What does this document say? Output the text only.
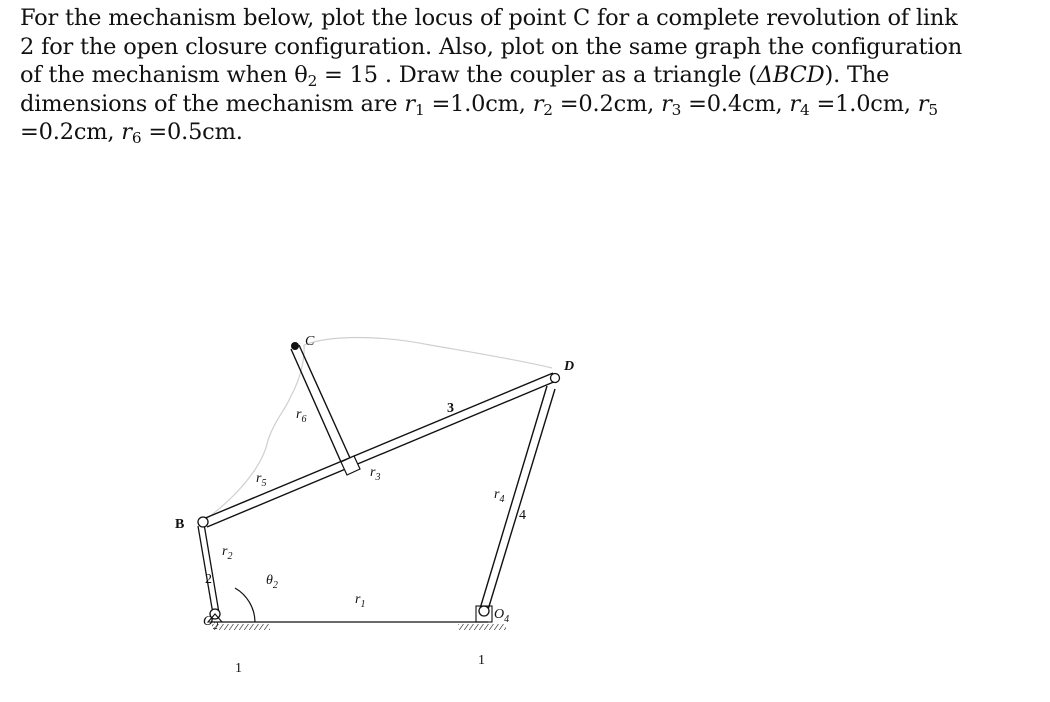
For the mechanism below, plot the locus of point C for a complete revolution of link
2 for the open closure configuration. Also, plot on the same graph the configuration
of the mechanism when $\theta_2 = 15$ . Draw the coupler as a triangle (ΔBCD). The
dimensions of the mechanism are $r_1 =1.0cm$, $r_2 =0.2cm$, $r_3 =0.4cm$, $r_4 =1.0cm$, $r_5$
=0.2cm, $r_6 =0.5cm$.
C
D
B
$r_6$
$r_5$
$r_3$
$r_4$
$r_2$
$r_1$
$\theta_2$
$O_2$
$O_4$
2
3
4
1
1
